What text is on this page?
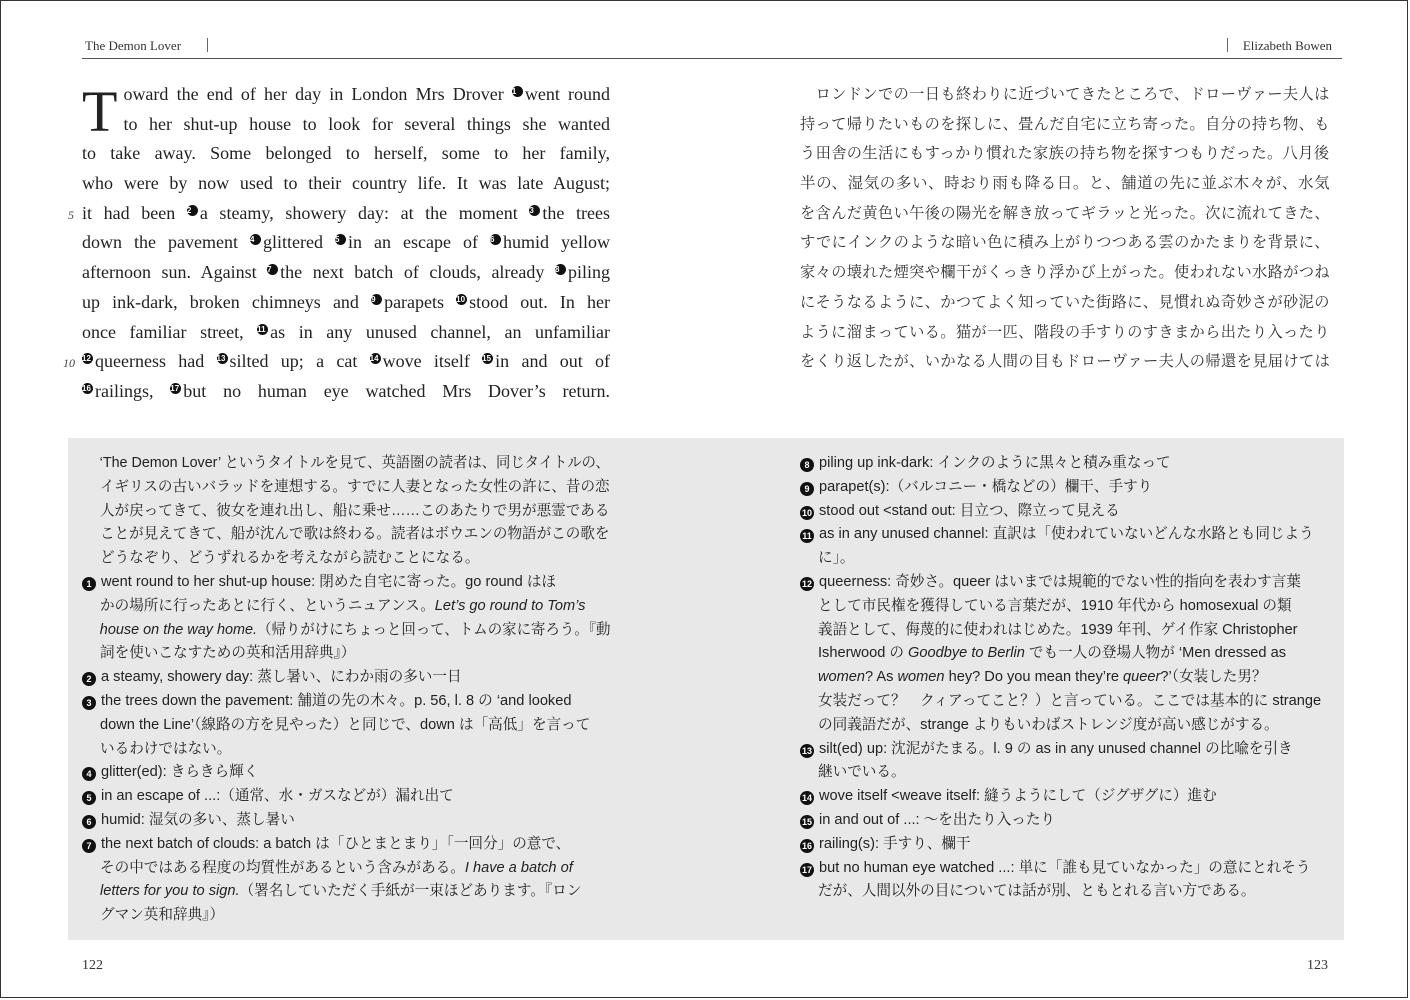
The Demon Lover	Elizabeth Bowen
5
10
T oward the end of her day in London Mrs Drover 1 went round
to her shut-up house to look for several things she wanted
to take away. Some belonged to herself, some to her family,
who were by now used to their country life. It was late August;
it had been 2 a steamy, showery day: at the moment 3 the trees
down the pavement 4 glittered 5 in an escape of 6 humid yellow
afternoon sun. Against 7 the next batch of clouds, already 8 piling
up ink-dark, broken chimneys and 9 parapets 10 stood out. In her
once familiar street, 11 as in any unused channel, an unfamiliar
12 queerness had 13 silted up; a cat 14 wove itself 15 in and out of
16 railings, 17 but no human eye watched Mrs Dover’s return.
　ロンドンでの一日も終わりに近づいてきたところで、ドローヴァー夫人は
持って帰りたいものを探しに、畳んだ自宅に立ち寄った。自分の持ち物、も
う田舎の生活にもすっかり慣れた家族の持ち物を探すつもりだった。八月後
半の、湿気の多い、時おり雨も降る日。と、舗道の先に並ぶ木々が、水気
を含んだ黄色い午後の陽光を解き放ってギラッと光った。次に流れてきた、
すでにインクのような暗い色に積み上がりつつある雲のかたまりを背景に、
家々の壊れた煙突や欄干がくっきり浮かび上がった。使われない水路がつね
にそうなるように、かつてよく知っていた街路に、見慣れぬ奇妙さが砂泥の
ように溜まっている。猫が一匹、階段の手すりのすきまから出たり入ったり
をくり返したが、いかなる人間の目もドローヴァー夫人の帰還を見届けては
‘The Demon Lover’ というタイトルを見て、英語圏の読者は、同じタイトルの、
イギリスの古いバラッドを連想する。すでに人妻となった女性の許に、昔の恋
人が戻ってきて、彼女を連れ出し、船に乗せ……このあたりで男が悪霊である
ことが見えてきて、船が沈んで歌は終わる。読者はボウエンの物語がこの歌を
どうなぞり、どうずれるかを考えながら読むことになる。
1 went round to her shut-up house: 閉めた自宅に寄った。go round はほ
かの場所に行ったあとに行く、というニュアンス。Let’s go round to Tom’s
house on the way home.（帰りがけにちょっと回って、トムの家に寄ろう。『動
詞を使いこなすための英和活用辞典』）
2 a steamy, showery day: 蒸し暑い、にわか雨の多い一日
3 the trees down the pavement: 舗道の先の木々。p. 56, l. 8 の ‘and looked
down the Line’（線路の方を見やった）と同じで、down は「高低」を言って
いるわけではない。
4 glitter(ed): きらきら輝く
5 in an escape of ...:（通常、水・ガスなどが）漏れ出て
6 humid: 湿気の多い、蒸し暑い
7 the next batch of clouds: a batch は「ひとまとまり」「一回分」の意で、
その中ではある程度の均質性があるという含みがある。I have a batch of
letters for you to sign.（署名していただく手紙が一束ほどあります。『ロン
グマン英和辞典』）
8 piling up ink-dark: インクのように黒々と積み重なって
9 parapet(s):（バルコニー・橋などの）欄干、手すり
10 stood out <stand out: 目立つ、際立って見える
11 as in any unused channel: 直訳は「使われていないどんな水路とも同じよう
に」。
12 queerness: 奇妙さ。queer はいまでは規範的でない性的指向を表わす言葉
として市民権を獲得している言葉だが、1910 年代から homosexual の類
義語として、侮蔑的に使われはじめた。1939 年刊、ゲイ作家 Christopher
Isherwood の Goodbye to Berlin でも一人の登場人物が ‘Men dressed as
women? As women hey? Do you mean they’re queer?’（女装した男？
女装だって？　クィアってこと？）と言っている。ここでは基本的に strange
の同義語だが、strange よりもいわばストレンジ度が高い感じがする。
13 silt(ed) up: 沈泥がたまる。l. 9 の as in any unused channel の比喩を引き
継いでいる。
14 wove itself <weave itself: 縫うようにして（ジグザグに）進む
15 in and out of ...: 〜を出たり入ったり
16 railing(s): 手すり、欄干
17 but no human eye watched ...: 単に「誰も見ていなかった」の意にとれそう
だが、人間以外の目については話が別、ともとれる言い方である。
122	123
